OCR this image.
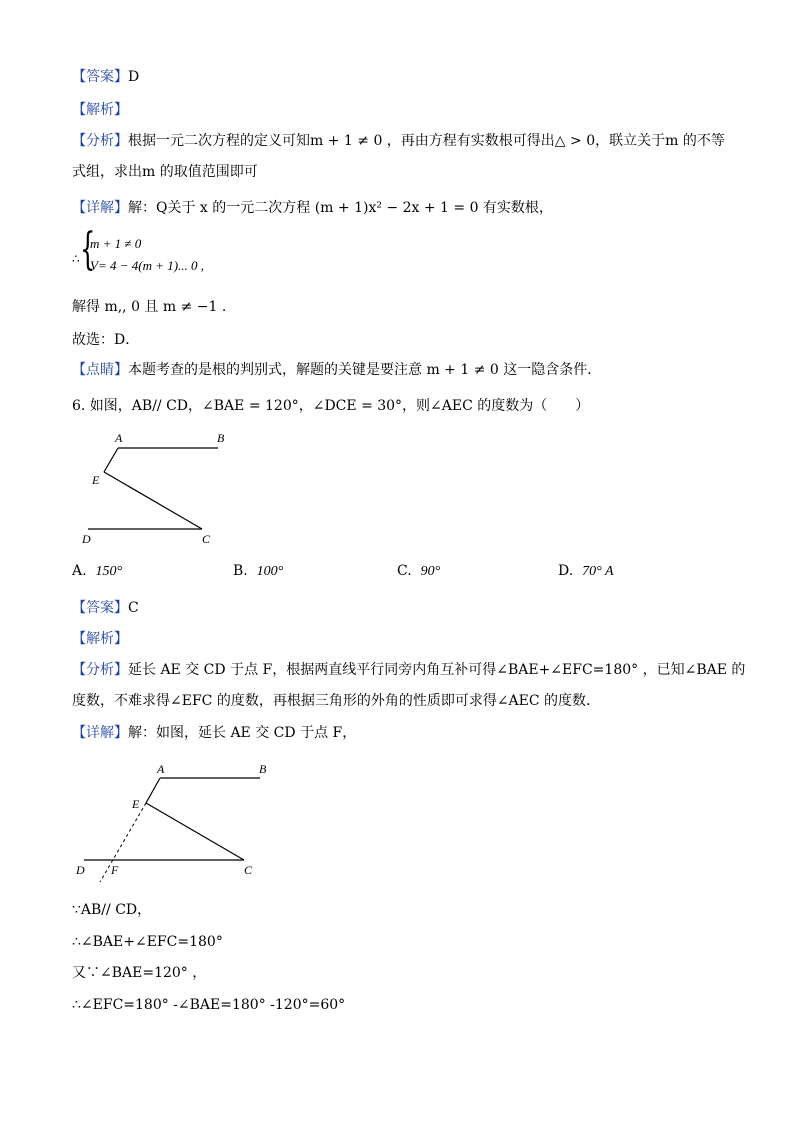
【答案】D
【解析】
【分析】根据一元二次方程的定义可知m + 1 ≠ 0 ，再由方程有实数根可得出△ > 0，联立关于m 的不等
式组，求出m 的取值范围即可
【详解】解：Q关于 x 的一元二次方程 (m + 1)x² − 2x + 1 = 0 有实数根，
∴ {
m + 1 ≠ 0
V= 4 − 4(m + 1)... 0 ,
解得 m,, 0 且 m ≠ −1 .
故选：D．
【点睛】本题考查的是根的判别式，解题的关键是要注意 m + 1 ≠ 0 这一隐含条件．
6. 如图，AB// CD，∠BAE = 120°，∠DCE = 30°，则∠AEC 的度数为（　　）
A	B
E
D	C
A. 150°	B. 100°	C. 90°	D. 70° A
【答案】C
【解析】
【分析】延长 AE 交 CD 于点 F，根据两直线平行同旁内角互补可得∠BAE+∠EFC=180° ，已知∠BAE 的
度数，不难求得∠EFC 的度数，再根据三角形的外角的性质即可求得∠AEC 的度数．
【详解】解：如图，延长 AE 交 CD 于点 F，
A	B
E
D F	C
∵AB// CD，
∴∠BAE+∠EFC=180°
又∵∠BAE=120° ，
∴∠EFC=180° -∠BAE=180° -120°=60°
